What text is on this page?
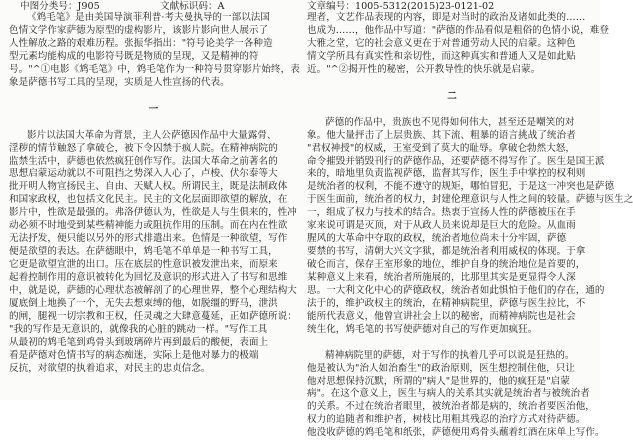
中图分类号：J905	文献标识码：A	文章编号：1005-5312(2015)23-0121-02
《鸩毛笔》是由美国导演菲利普·考夫曼执导的一部以法国
色情文学作家萨德为原型的虚构影片，该影片影向世人展示了
人性解放之路的艰难历程。张振华指出："符号论美学一各种造
型元素均能构成的电影符号既是物质的呈现，又是精神的符
号。"^①电影《鸩毛笔》中，鸩毛笔作为一种符号贯穿影片始终，表
象是萨德书写工具的呈现，实质是人性宣扬的代表。
一
影片以法国大革命为背景，主人公萨德因作品中大量露骨、
淫秽的情节触怒了拿破仑，被下令囚禁于疯人院。在精神病院的
监禁生活中，萨德也依然疯狂创作写作。法国大革命之前著名的
思想启蒙运动就以不可阻挡之势深入人心了，卢梭、伏尔泰等大
批开明人物宣扬民主、自由、天赋人权。所谓民主，既是法制政体
和国家政权，也包括文化民主。民主的文化层面即欲望的解放，在
影片中，性欲是最强的。弗洛伊德认为，性欲是人与生俱来的，性冲
动必须不时地受到某些精神能力或阻抗作用的压制。而在内在性欲
无法抒发，便只能以另外的形式排遣出来。色情是一种欲望，写作
便是欲望的表达。在萨德眼中，鸩毛笔不单单是一种书写工具，
它更是欲望宣泄的出口。压在底层的性意识被发泄出来，而原来
起着控制作用的意识被转化为回忆及意识的形式进入了书写和思维
中，就是说，萨德的心理状态被解剖了的心理世界，整个心理结构大
厦底倒上地换了一个，无失去想束缚的他，如脱缰的野马，泄洪
的闸，腿视一切宗教和王权，任灵魂之大肆意蔓延，正如萨德所说：
"我的写作是无意识的，就像我的心脏的跳动一样。"写作工具
从最初的鸩毛笔到鸡骨头到玻璃碎片再到最后的酸便，表面上
看是萨德对色情书写的病态痴迷，实际上是他对暴力的极端
反抗，对欲望的执着追求，对民主的忠贞信念。
理者，文艺作品表现的内容，即是对当时的政治及诸如此类的……
也成为……，他作品中写道："萨德的作品看似是粗俗的色情小说，难登
大雅之堂，它的社会意义更在于对普通劳动人民的启蒙。这种色
情文学所具有真实性和亲切性，而这种真实和普通人又是如此贴
近。"^②揭开性的秘密，公开教导性的快乐就是启蒙。
二
萨德的作品中，贵族也不见得如何伟大，甚至还是嘲笑的对
象。他大量抨击了上层贵族、其下流、粗暴的语言挑战了统治者
"君权神授"的权威，王室受到了莫大的耻辱。拿破仑勃然大怒，
命令摧毁并销毁刊行的萨德作品，还要萨德不得写作了。医生是国王派
来的，暗地里负责监视萨德，监督其写作，医生手中掌控的权利则
是统治者的权利，不能不遵守的规矩，哪怕冒犯，于是这一冲突也是萨德
于医生面前，统治者的权力，封建伦理意识与人性之间的较量。萨德与医生之
一，组成了权力与技术的结合。热衷于宣扬人性的萨德被压在手
家来说可谓是灭顶，对于从政人员来说却是巨大的危险。从血雨
腥风的大革命中夺取的政权，统治者地位尚未十分牢固，萨德
要禁的书写，清朝大兴文字狱，都是统治者利用威权的体现。于拿
破仑而言，保存王室形象的地位，维护自身的统治地位是首要的，
某种意义上来看，统治者所施展的，比那里其实是更显得令人深
思。一大利文化中心的萨德政权，统治者如此惧怕于他们的存在，通的
法于的，维护政权主的统治，在精神病院里，萨德与医生拉比，不
能所代表意义，他曾宣讲社会上以的秘密，而精神病院也是社会
统生化，鸩毛笔的书写使萨德对自己的写作更加疯狂。
精神病院里的萨德，对于写作的执着几乎可以说是狂热的。
他是被认为"治人如治畜生"的政治原则，医生想控制住他，只让
他对思想保持沉默，所谓的"病人"是世界的，他的疯狂是"启蒙
病"。在这个意义上，医生与病人的关系其实就是统治者与被统治者
的关系。不过在统治者眼里，被统治者都是病的，统治者要医治他，
权力的追随者和维护者，树枝比用粗其残忍的治疗方式对待萨德。
他没收萨德的鸩毛笔和纸张，萨德便用鸡骨头蘸着红酒在床单上写作。
